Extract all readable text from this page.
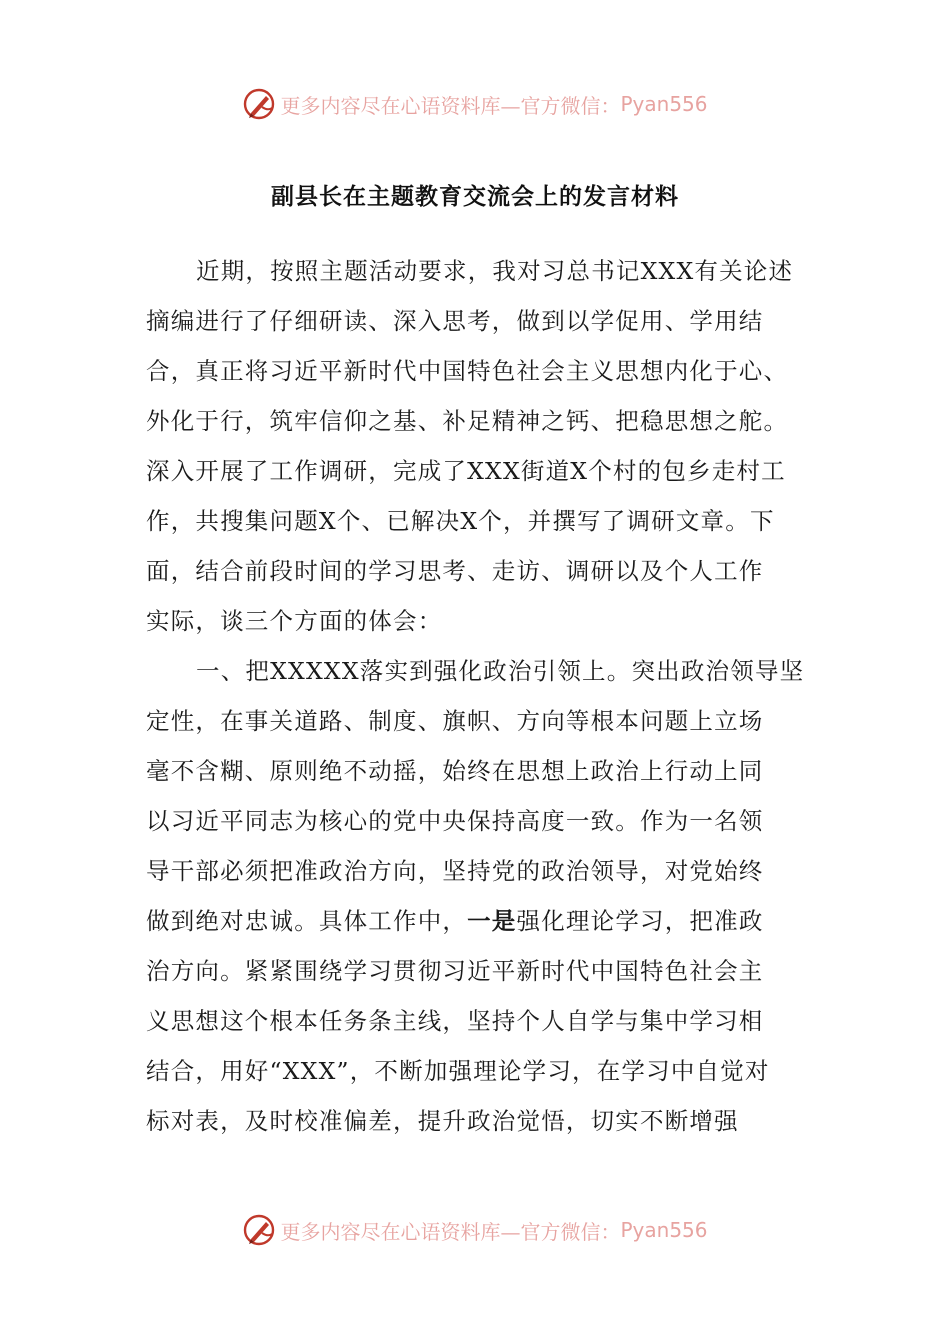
更多内容尽在心语资料库—官方微信： Pyan556
副县长在主题教育交流会上的发言材料
近期，按照主题活动要求，我对习总书记XXX有关论述
摘编进行了仔细研读、深入思考，做到以学促用、学用结
合，真正将习近平新时代中国特色社会主义思想内化于心、
外化于行，筑牢信仰之基、补足精神之钙、把稳思想之舵。
深入开展了工作调研，完成了XXX街道X个村的包乡走村工
作，共搜集问题X个、已解决X个，并撰写了调研文章。下
面，结合前段时间的学习思考、走访、调研以及个人工作
实际，谈三个方面的体会：
一、把XXXXX落实到强化政治引领上。突出政治领导坚
定性，在事关道路、制度、旗帜、方向等根本问题上立场
毫不含糊、原则绝不动摇，始终在思想上政治上行动上同
以习近平同志为核心的党中央保持高度一致。作为一名领
导干部必须把准政治方向，坚持党的政治领导，对党始终
做到绝对忠诚。具体工作中，一是强化理论学习，把准政
治方向。紧紧围绕学习贯彻习近平新时代中国特色社会主
义思想这个根本任务条主线，坚持个人自学与集中学习相
结合，用好“XXX”，不断加强理论学习，在学习中自觉对
标对表，及时校准偏差，提升政治觉悟，切实不断增强
更多内容尽在心语资料库—官方微信： Pyan556
